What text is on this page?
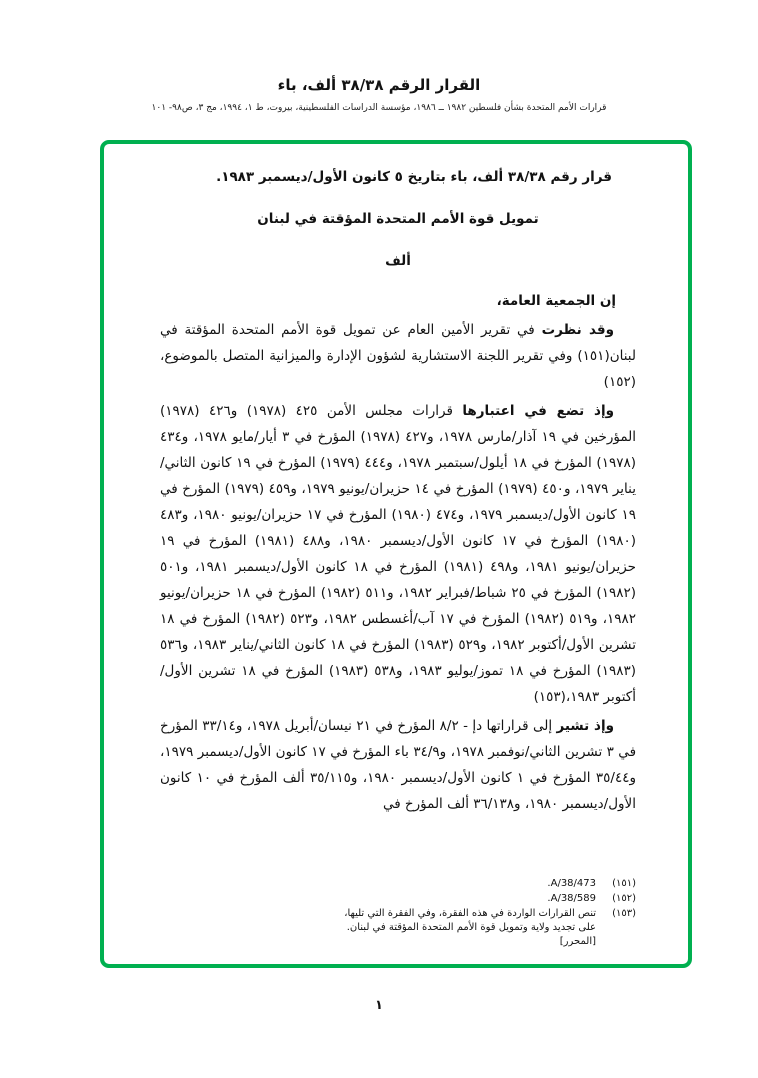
القرار الرقم ٣٨/٣٨ ألف، باء
قرارات الأمم المتحدة بشأن فلسطين ١٩٨٢ ــ ١٩٨٦، مؤسسة الدراسات الفلسطينية، بيروت، ط ١، ١٩٩٤، مج ٣، ص٩٨- ١٠١

قرار رقم ٣٨/٣٨ ألف، باء بتاريخ ٥ كانون الأول/ديسمبر ١٩٨٣.

تمويل قوة الأمم المتحدة المؤقتة في لبنان

ألف

إن الجمعية العامة،

وقد نظرت في تقرير الأمين العام عن تمويل قوة الأمم المتحدة المؤقتة في لبنان(١٥١) وفي تقرير اللجنة الاستشارية لشؤون الإدارة والميزانية المتصل بالموضوع،(١٥٢)

وإذ تضع في اعتبارها قرارات مجلس الأمن ٤٢٥ (١٩٧٨) و٤٢٦ (١٩٧٨) المؤرخين في ١٩ آذار/مارس ١٩٧٨، و٤٢٧ (١٩٧٨) المؤرخ في ٣ أيار/مايو ١٩٧٨، و٤٣٤ (١٩٧٨) المؤرخ في ١٨ أيلول/سبتمبر ١٩٧٨، و٤٤٤ (١٩٧٩) المؤرخ في ١٩ كانون الثاني/يناير ١٩٧٩، و٤٥٠ (١٩٧٩) المؤرخ في ١٤ حزيران/يونيو ١٩٧٩، و٤٥٩ (١٩٧٩) المؤرخ في ١٩ كانون الأول/ديسمبر ١٩٧٩، و٤٧٤ (١٩٨٠) المؤرخ في ١٧ حزيران/يونيو ١٩٨٠، و٤٨٣ (١٩٨٠) المؤرخ في ١٧ كانون الأول/ديسمبر ١٩٨٠، و٤٨٨ (١٩٨١) المؤرخ في ١٩ حزيران/يونيو ١٩٨١، و٤٩٨ (١٩٨١) المؤرخ في ١٨ كانون الأول/ديسمبر ١٩٨١، و٥٠١ (١٩٨٢) المؤرخ في ٢٥ شباط/فبراير ١٩٨٢، و٥١١ (١٩٨٢) المؤرخ في ١٨ حزيران/يونيو ١٩٨٢، و٥١٩ (١٩٨٢) المؤرخ في ١٧ آب/أغسطس ١٩٨٢، و٥٢٣ (١٩٨٢) المؤرخ في ١٨ تشرين الأول/أكتوبر ١٩٨٢، و٥٢٩ (١٩٨٣) المؤرخ في ١٨ كانون الثاني/يناير ١٩٨٣، و٥٣٦ (١٩٨٣) المؤرخ في ١٨ تموز/يوليو ١٩٨٣، و٥٣٨ (١٩٨٣) المؤرخ في ١٨ تشرين الأول/أكتوبر ١٩٨٣،(١٥٣)

وإذ تشير إلى قراراتها دإ - ٨/٢ المؤرخ في ٢١ نيسان/أبريل ١٩٧٨، و٣٣/١٤ المؤرخ في ٣ تشرين الثاني/نوفمبر ١٩٧٨، و٣٤/٩ باء المؤرخ في ١٧ كانون الأول/ديسمبر ١٩٧٩، و٣٥/٤٤ المؤرخ في ١ كانون الأول/ديسمبر ١٩٨٠، و٣٥/١١٥ ألف المؤرخ في ١٠ كانون الأول/ديسمبر ١٩٨٠، و٣٦/١٣٨ ألف المؤرخ في

(١٥١)
A/38/473.
(١٥٢)
A/38/589.
(١٥٣)
تنص القرارات الواردة في هذه الفقرة، وفي الفقرة التي تليها، على تجديد ولاية وتمويل قوة الأمم المتحدة المؤقتة في لبنان. [المحرر]
١
